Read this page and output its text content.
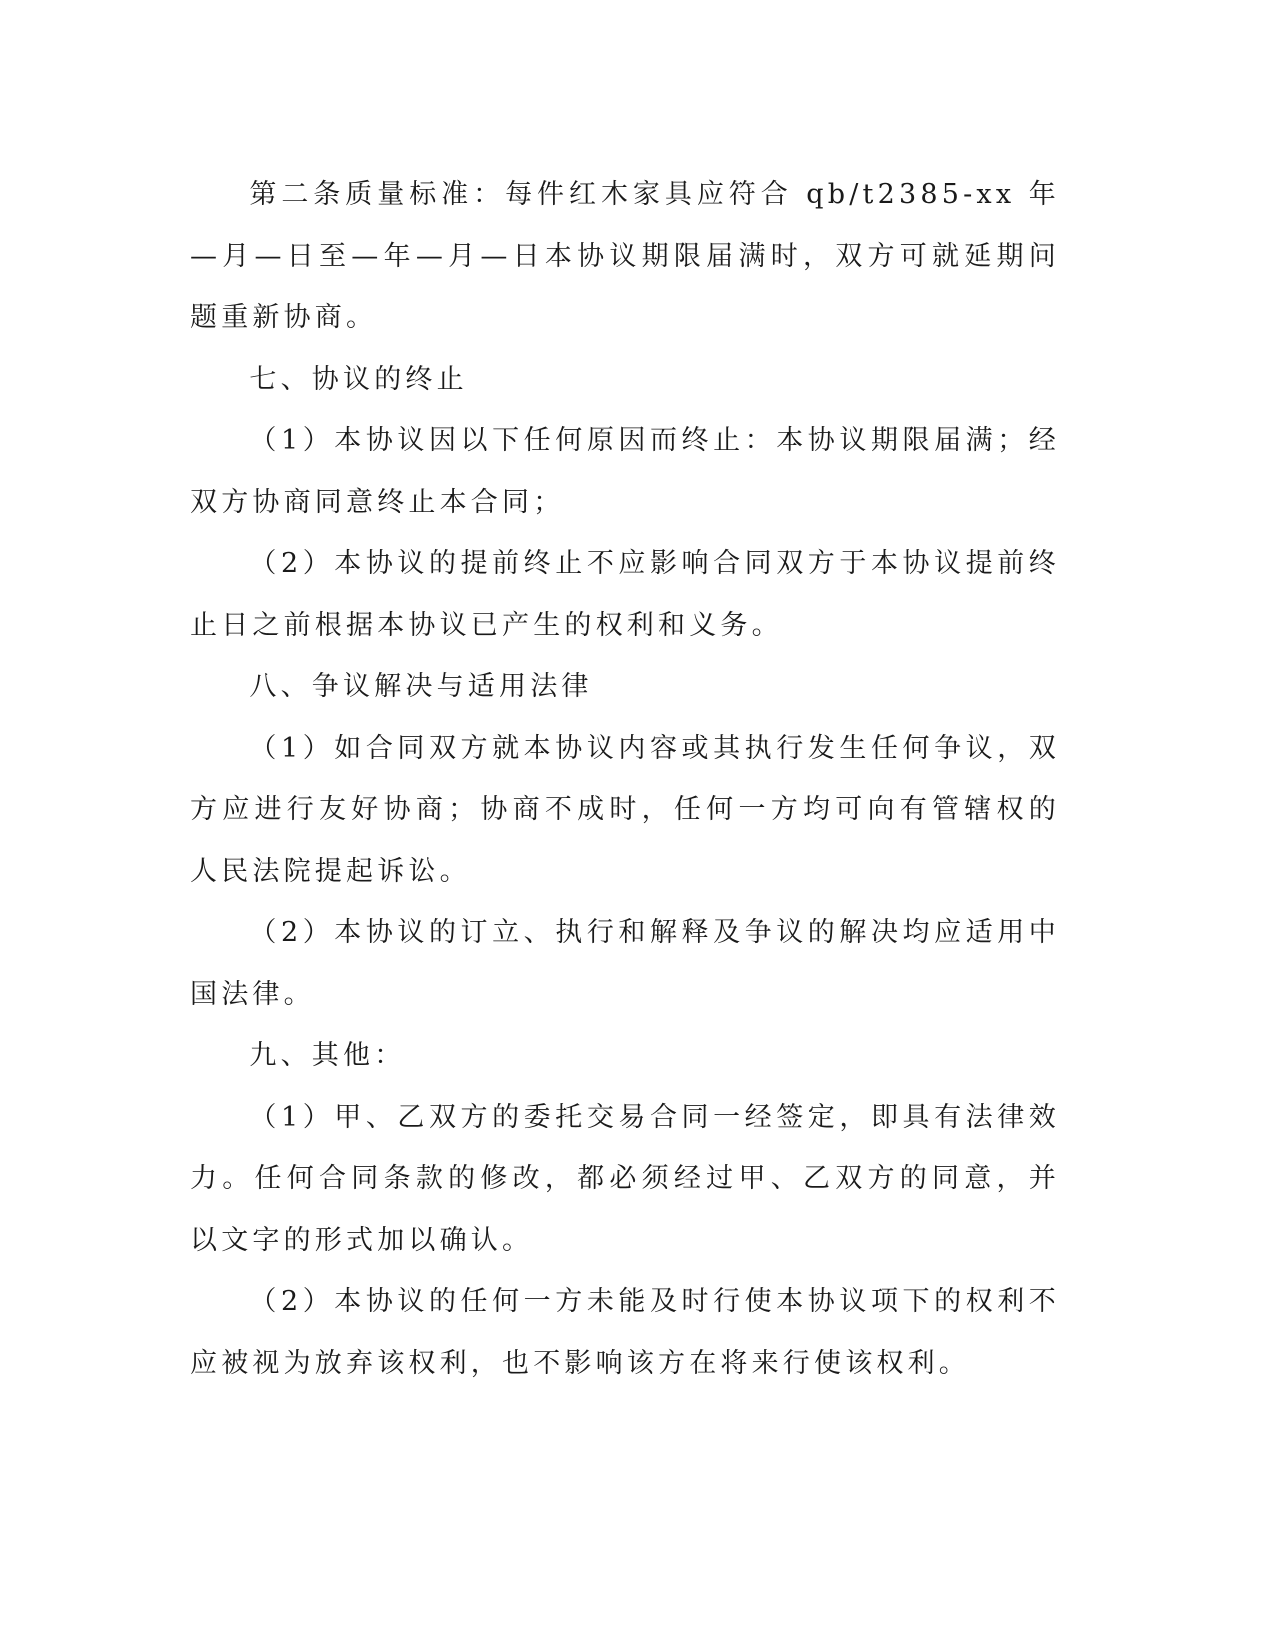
第二条质量标准：每件红木家具应符合 qb/t2385-xx 年—月—日至—年—月—日本协议期限届满时，双方可就延期问题重新协商。

七、协议的终止

（1）本协议因以下任何原因而终止：本协议期限届满；经双方协商同意终止本合同；

（2）本协议的提前终止不应影响合同双方于本协议提前终止日之前根据本协议已产生的权利和义务。

八、争议解决与适用法律

（1）如合同双方就本协议内容或其执行发生任何争议，双方应进行友好协商；协商不成时，任何一方均可向有管辖权的人民法院提起诉讼。

（2）本协议的订立、执行和解释及争议的解决均应适用中国法律。

九、其他：

（1）甲、乙双方的委托交易合同一经签定，即具有法律效力。任何合同条款的修改，都必须经过甲、乙双方的同意，并以文字的形式加以确认。

（2）本协议的任何一方未能及时行使本协议项下的权利不应被视为放弃该权利，也不影响该方在将来行使该权利。
